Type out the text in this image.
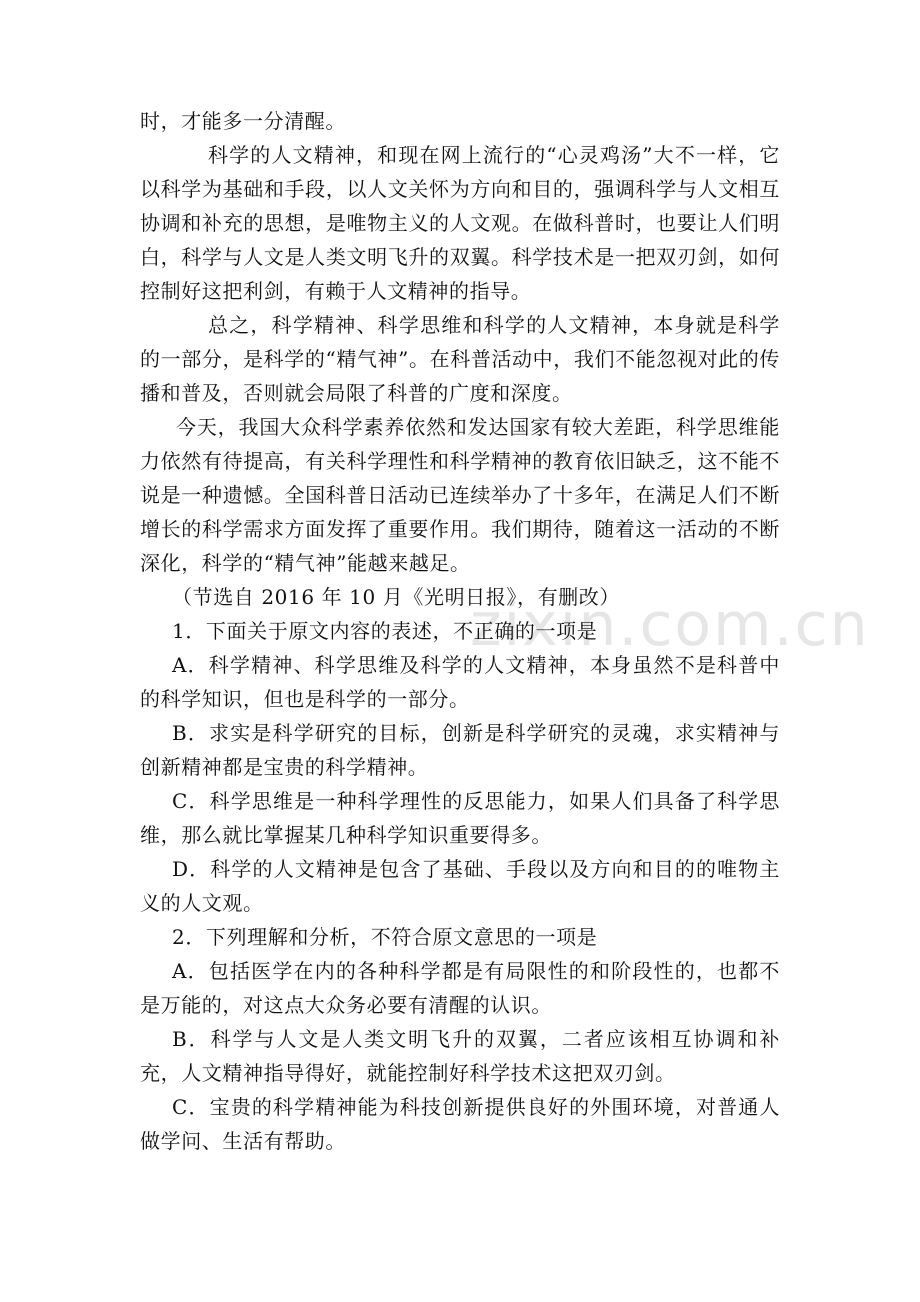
zixin.com.cn

时，才能多一分清醒。

科学的人文精神，和现在网上流行的“心灵鸡汤”大不一样，它以科学为基础和手段，以人文关怀为方向和目的，强调科学与人文相互协调和补充的思想，是唯物主义的人文观。在做科普时，也要让人们明白，科学与人文是人类文明飞升的双翼。科学技术是一把双刃剑，如何控制好这把利剑，有赖于人文精神的指导。

总之，科学精神、科学思维和科学的人文精神，本身就是科学的一部分，是科学的“精气神”。在科普活动中，我们不能忽视对此的传播和普及，否则就会局限了科普的广度和深度。

今天，我国大众科学素养依然和发达国家有较大差距，科学思维能力依然有待提高，有关科学理性和科学精神的教育依旧缺乏，这不能不说是一种遗憾。全国科普日活动已连续举办了十多年，在满足人们不断增长的科学需求方面发挥了重要作用。我们期待，随着这一活动的不断深化，科学的“精气神”能越来越足。

（节选自 2016 年 10 月《光明日报》，有删改）

1．下面关于原文内容的表述，不正确的一项是

A．科学精神、科学思维及科学的人文精神，本身虽然不是科普中的科学知识，但也是科学的一部分。

B．求实是科学研究的目标，创新是科学研究的灵魂，求实精神与创新精神都是宝贵的科学精神。

C．科学思维是一种科学理性的反思能力，如果人们具备了科学思维，那么就比掌握某几种科学知识重要得多。

D．科学的人文精神是包含了基础、手段以及方向和目的的唯物主义的人文观。

2．下列理解和分析，不符合原文意思的一项是

A．包括医学在内的各种科学都是有局限性的和阶段性的，也都不是万能的，对这点大众务必要有清醒的认识。

B．科学与人文是人类文明飞升的双翼，二者应该相互协调和补充，人文精神指导得好，就能控制好科学技术这把双刃剑。

C．宝贵的科学精神能为科技创新提供良好的外围环境，对普通人做学问、生活有帮助。
